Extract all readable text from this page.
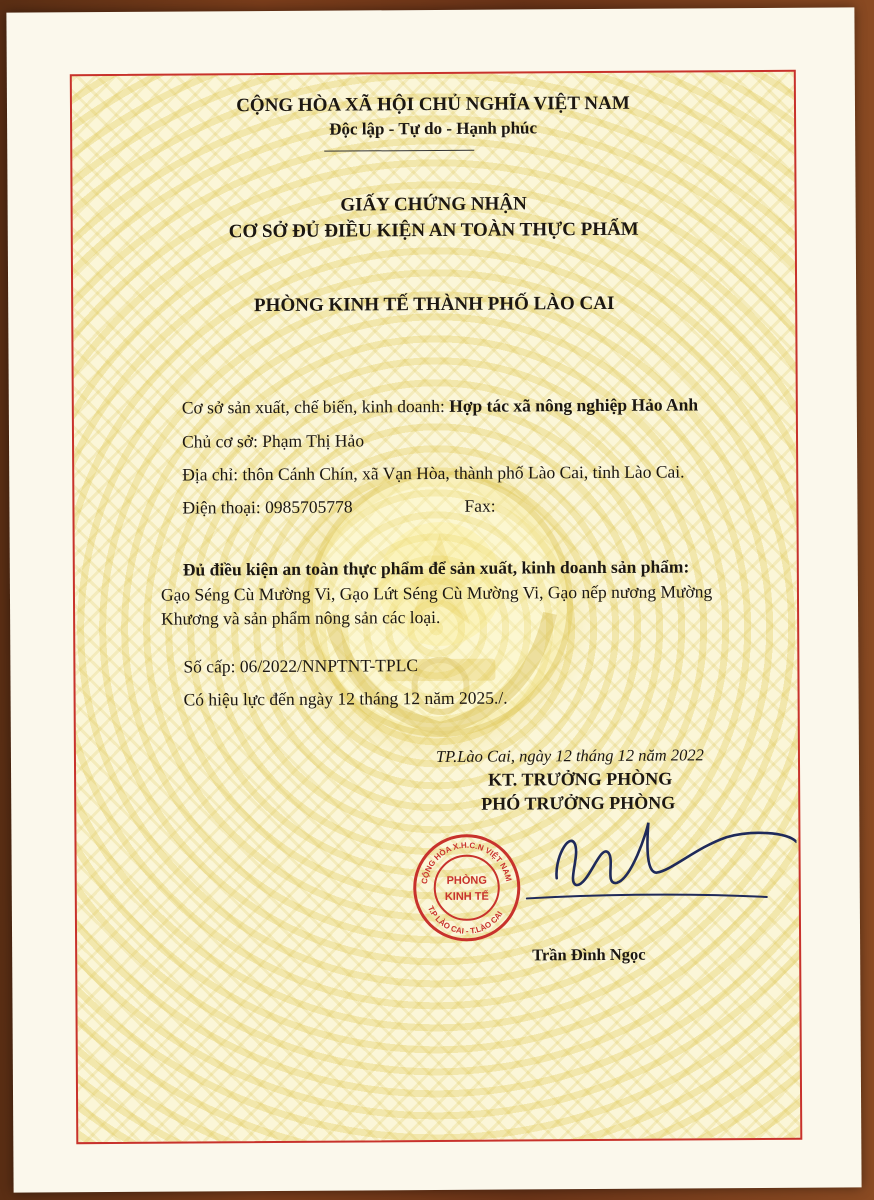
CỘNG HÒA XÃ HỘI CHỦ NGHĨA VIỆT NAM
Độc lập - Tự do - Hạnh phúc
GIẤY CHỨNG NHẬN
CƠ SỞ ĐỦ ĐIỀU KIỆN AN TOÀN THỰC PHẨM
PHÒNG KINH TẾ THÀNH PHỐ LÀO CAI
Cơ sở sản xuất, chế biến, kinh doanh: Hợp tác xã nông nghiệp Hảo Anh
Chủ cơ sở: Phạm Thị Hảo
Địa chỉ: thôn Cánh Chín, xã Vạn Hòa, thành phố Lào Cai, tỉnh Lào Cai.
Điện thoại: 0985705778	Fax:
Đủ điều kiện an toàn thực phẩm để sản xuất, kinh doanh sản phẩm:
Gạo Séng Cù Mường Vi, Gạo Lứt Séng Cù Mường Vi, Gạo nếp nương Mường
Khương và sản phẩm nông sản các loại.
Số cấp: 06/2022/NNPTNT-TPLC
Có hiệu lực đến ngày 12 tháng 12 năm 2025./.
TP.Lào Cai, ngày 12 tháng 12 năm 2022
KT. TRƯỞNG PHÒNG
PHÓ TRƯỞNG PHÒNG
CỘNG HÒA X.H.C.N VIỆT NAM
T.P LÀO CAI - T.LÀO CAI
PHÒNG
KINH TẾ
Trần Đình Ngọc
